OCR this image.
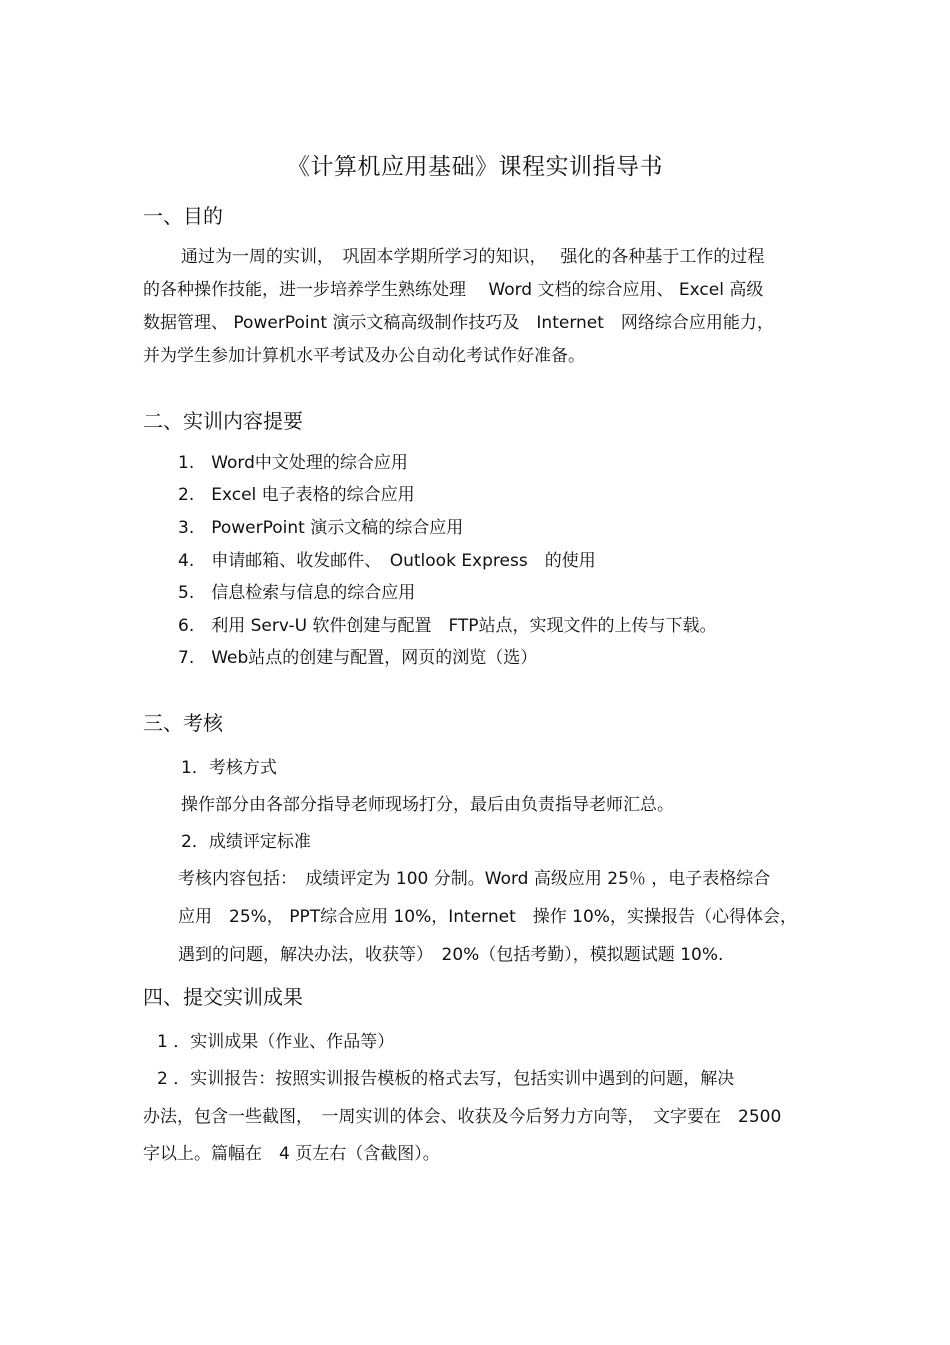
《计算机应用基础》课程实训指导书
一、目的
通过为一周的实训，　巩固本学期所学习的知识，　 强化的各种基于工作的过程
的各种操作技能，进一步培养学生熟练处理　 Word 文档的综合应用、 Excel 高级
数据管理、 PowerPoint 演示文稿高级制作技巧及　Internet　网络综合应用能力，
并为学生参加计算机水平考试及办公自动化考试作好准备。
二、实训内容提要
1.　Word中文处理的综合应用
2.　Excel 电子表格的综合应用
3.　PowerPoint 演示文稿的综合应用
4.　申请邮箱、收发邮件、　Outlook Express　的使用
5.　信息检索与信息的综合应用
6.　利用 Serv-U 软件创建与配置　FTP站点，实现文件的上传与下载。
7.　Web站点的创建与配置，网页的浏览（选）
三、考核
1．考核方式
操作部分由各部分指导老师现场打分，最后由负责指导老师汇总。
2．成绩评定标准
考核内容包括：　成绩评定为 100 分制。Word 高级应用 25％ ，电子表格综合
应用　25%， PPT综合应用 10%，Internet　操作 10%，实操报告（心得体会，
遇到的问题，解决办法，收获等）　20%（包括考勤），模拟题试题 10%.
四、提交实训成果
1 ．实训成果（作业、作品等）
2 ．实训报告：按照实训报告模板的格式去写，包括实训中遇到的问题，解决
办法，包含一些截图，　一周实训的体会、收获及今后努力方向等，　文字要在　2500
字以上。篇幅在　4 页左右（含截图）。
